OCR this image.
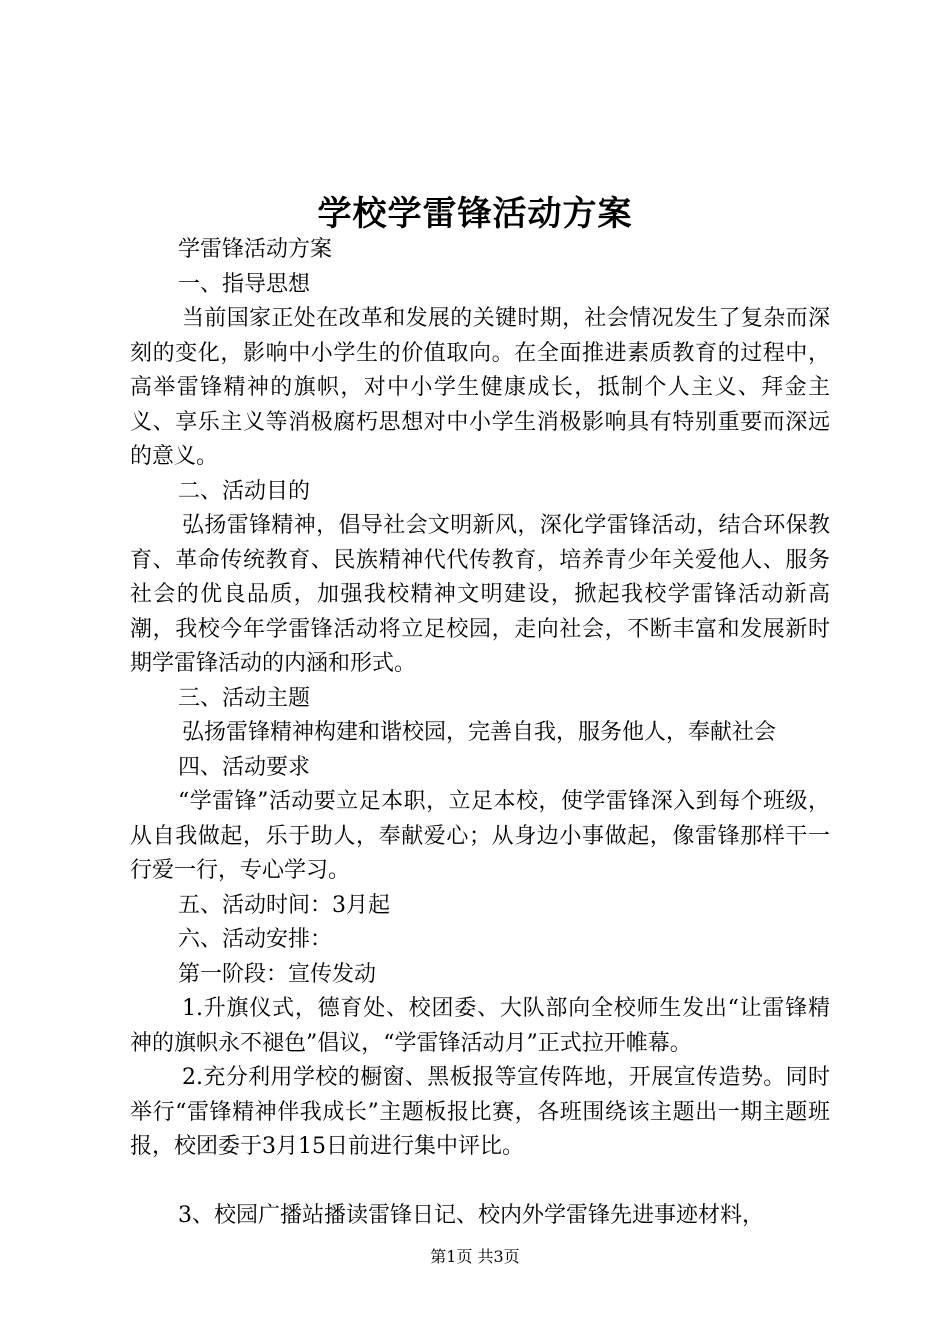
学校学雷锋活动方案

学雷锋活动方案

一、指导思想

当前国家正处在改革和发展的关键时期，社会情况发生了复杂而深刻的变化，影响中小学生的价值取向。在全面推进素质教育的过程中，高举雷锋精神的旗帜，对中小学生健康成长，抵制个人主义、拜金主义、享乐主义等消极腐朽思想对中小学生消极影响具有特别重要而深远的意义。

二、活动目的

弘扬雷锋精神，倡导社会文明新风，深化学雷锋活动，结合环保教育、革命传统教育、民族精神代代传教育，培养青少年关爱他人、服务社会的优良品质，加强我校精神文明建设，掀起我校学雷锋活动新高潮，我校今年学雷锋活动将立足校园，走向社会，不断丰富和发展新时期学雷锋活动的内涵和形式。

三、活动主题

弘扬雷锋精神构建和谐校园，完善自我，服务他人，奉献社会

四、活动要求

“学雷锋”活动要立足本职，立足本校，使学雷锋深入到每个班级，从自我做起，乐于助人，奉献爱心；从身边小事做起，像雷锋那样干一行爱一行，专心学习。

五、活动时间：3月起

六、活动安排：

第一阶段：宣传发动

1.升旗仪式，德育处、校团委、大队部向全校师生发出“让雷锋精神的旗帜永不褪色”倡议，“学雷锋活动月”正式拉开帷幕。

2.充分利用学校的橱窗、黑板报等宣传阵地，开展宣传造势。同时举行“雷锋精神伴我成长”主题板报比赛，各班围绕该主题出一期主题班报，校团委于3月15日前进行集中评比。

3、校园广播站播读雷锋日记、校内外学雷锋先进事迹材料，

第1页 共3页
